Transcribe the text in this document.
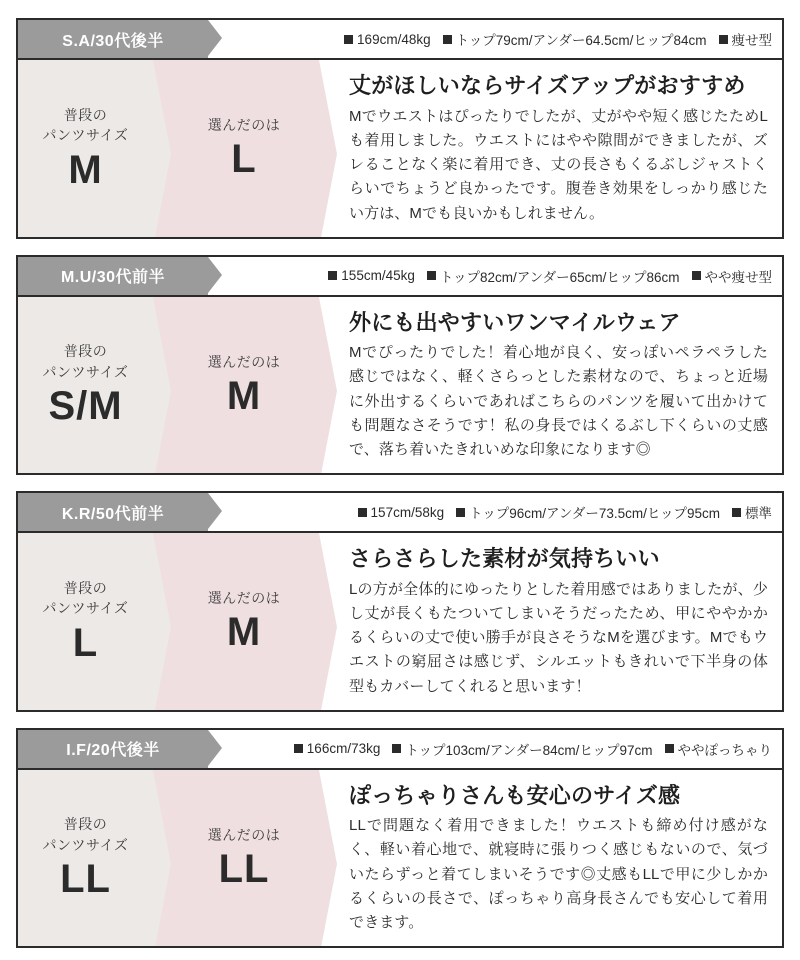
S.A/30代後半	169cm/48kg トップ79cm/アンダー64.5cm/ヒップ84cm 痩せ型
普段の
パンツサイズ
M
選んだのは
L
丈がほしいならサイズアップがおすすめ

Mでウエストはぴったりでしたが、丈がやや短く感じたためLも着用しました。ウエストにはやや隙間ができましたが、ズレることなく楽に着用でき、丈の長さもくるぶしジャストくらいでちょうど良かったです。腹巻き効果をしっかり感じたい方は、Mでも良いかもしれません。

M.U/30代前半	155cm/45kg トップ82cm/アンダー65cm/ヒップ86cm やや痩せ型
普段の
パンツサイズ
S/M
選んだのは
M
外にも出やすいワンマイルウェア

Mでぴったりでした！着心地が良く、安っぽいペラペラした感じではなく、軽くさらっとした素材なので、ちょっと近場に外出するくらいであればこちらのパンツを履いて出かけても問題なさそうです！私の身長ではくるぶし下くらいの丈感で、落ち着いたきれいめな印象になります◎

K.R/50代前半	157cm/58kg トップ96cm/アンダー73.5cm/ヒップ95cm 標準
普段の
パンツサイズ
L
選んだのは
M
さらさらした素材が気持ちいい

Lの方が全体的にゆったりとした着用感ではありましたが、少し丈が長くもたついてしまいそうだったため、甲にややかかるくらいの丈で使い勝手が良さそうなMを選びます。Mでもウエストの窮屈さは感じず、シルエットもきれいで下半身の体型もカバーしてくれると思います！

I.F/20代後半	166cm/73kg トップ103cm/アンダー84cm/ヒップ97cm ややぽっちゃり
普段の
パンツサイズ
LL
選んだのは
LL
ぽっちゃりさんも安心のサイズ感

LLで問題なく着用できました！ウエストも締め付け感がなく、軽い着心地で、就寝時に張りつく感じもないので、気づいたらずっと着てしまいそうです◎丈感もLLで甲に少しかかるくらいの長さで、ぽっちゃり高身長さんでも安心して着用できます。
